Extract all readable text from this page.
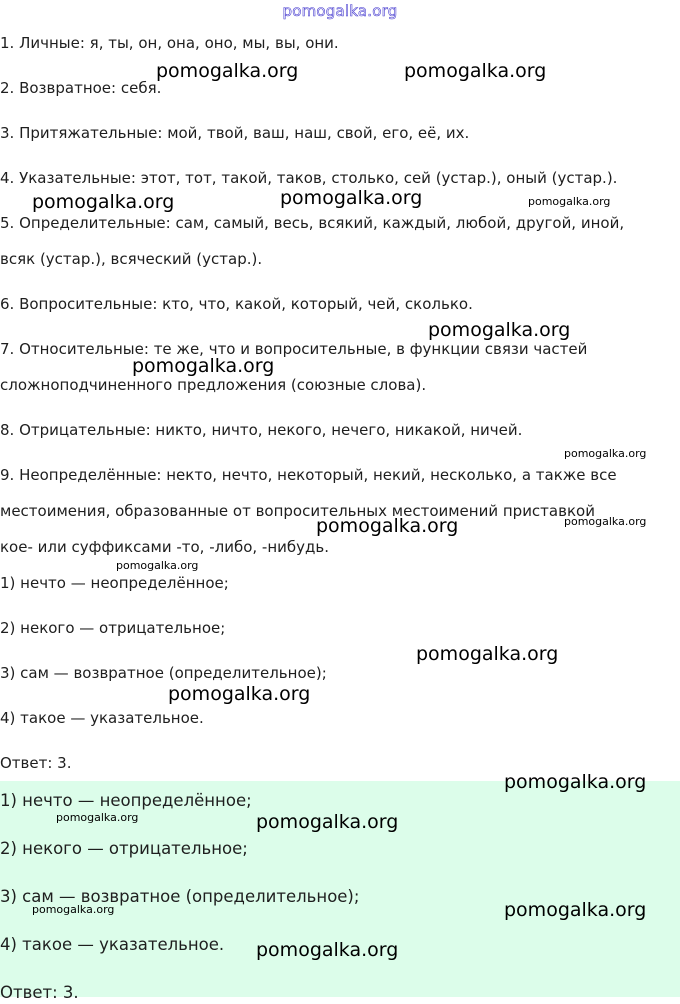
pomogalka.org
1. Личные: я, ты, он, она, оно, мы, вы, они.
2. Возвратное: себя.
3. Притяжательные: мой, твой, ваш, наш, свой, его, её, их.
4. Указательные: этот, тот, такой, таков, столько, сей (устар.), оный (устар.).
5. Определительные: сам, самый, весь, всякий, каждый, любой, другой, иной,
всяк (устар.), всяческий (устар.).
6. Вопросительные: кто, что, какой, который, чей, сколько.
7. Относительные: те же, что и вопросительные, в функции связи частей
сложноподчиненного предложения (союзные слова).
8. Отрицательные: никто, ничто, некого, нечего, никакой, ничей.
9. Неопределённые: некто, нечто, некоторый, некий, несколько, а также все
местоимения, образованные от вопросительных местоимений приставкой
кое- или суффиксами -то, -либо, -нибудь.
1) нечто — неопределённое;
2) некого — отрицательное;
3) сам — возвратное (определительное);
4) такое — указательное.
Ответ: 3.
1) нечто — неопределённое;
2) некого — отрицательное;
3) сам — возвратное (определительное);
4) такое — указательное.
Ответ: 3.
pomogalka.org	pomogalka.org
pomogalka.org	pomogalka.org	pomogalka.org
pomogalka.org
pomogalka.org
pomogalka.org
pomogalka.org	pomogalka.org
pomogalka.org
pomogalka.org
pomogalka.org
pomogalka.org
pomogalka.org	pomogalka.org
pomogalka.org	pomogalka.org
pomogalka.org
